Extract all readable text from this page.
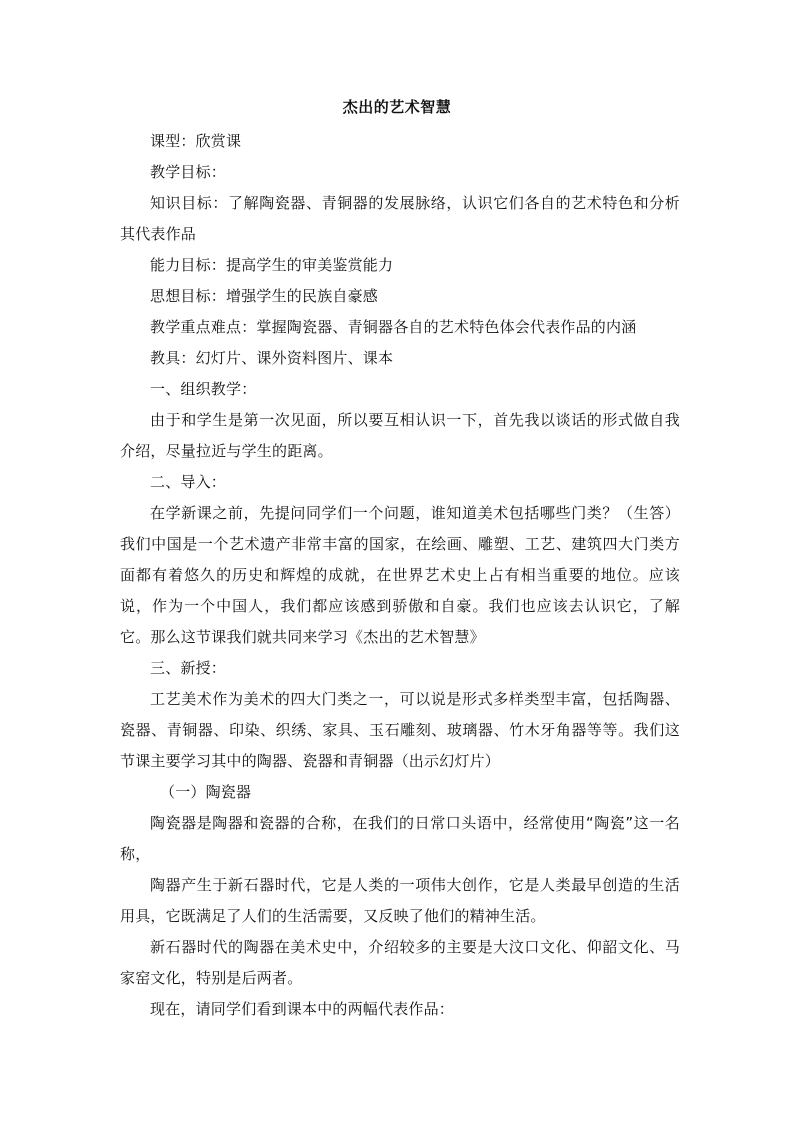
杰出的艺术智慧

课型：欣赏课

教学目标：

知识目标：了解陶瓷器、青铜器的发展脉络，认识它们各自的艺术特色和分析其代表作品

能力目标：提高学生的审美鉴赏能力

思想目标：增强学生的民族自豪感

教学重点难点：掌握陶瓷器、青铜器各自的艺术特色体会代表作品的内涵

教具：幻灯片、课外资料图片、课本

一、组织教学：

由于和学生是第一次见面，所以要互相认识一下，首先我以谈话的形式做自我介绍，尽量拉近与学生的距离。

二、导入：

在学新课之前，先提问同学们一个问题，谁知道美术包括哪些门类？（生答）我们中国是一个艺术遗产非常丰富的国家，在绘画、雕塑、工艺、建筑四大门类方面都有着悠久的历史和辉煌的成就，在世界艺术史上占有相当重要的地位。应该说，作为一个中国人，我们都应该感到骄傲和自豪。我们也应该去认识它，了解它。那么这节课我们就共同来学习《杰出的艺术智慧》

三、新授：

工艺美术作为美术的四大门类之一，可以说是形式多样类型丰富，包括陶器、瓷器、青铜器、印染、织绣、家具、玉石雕刻、玻璃器、竹木牙角器等等。我们这节课主要学习其中的陶器、瓷器和青铜器（出示幻灯片）

（一）陶瓷器

陶瓷器是陶器和瓷器的合称，在我们的日常口头语中，经常使用“陶瓷”这一名称，

陶器产生于新石器时代，它是人类的一项伟大创作，它是人类最早创造的生活用具，它既满足了人们的生活需要，又反映了他们的精神生活。

新石器时代的陶器在美术史中，介绍较多的主要是大汶口文化、仰韶文化、马家窑文化，特别是后两者。

现在，请同学们看到课本中的两幅代表作品：
